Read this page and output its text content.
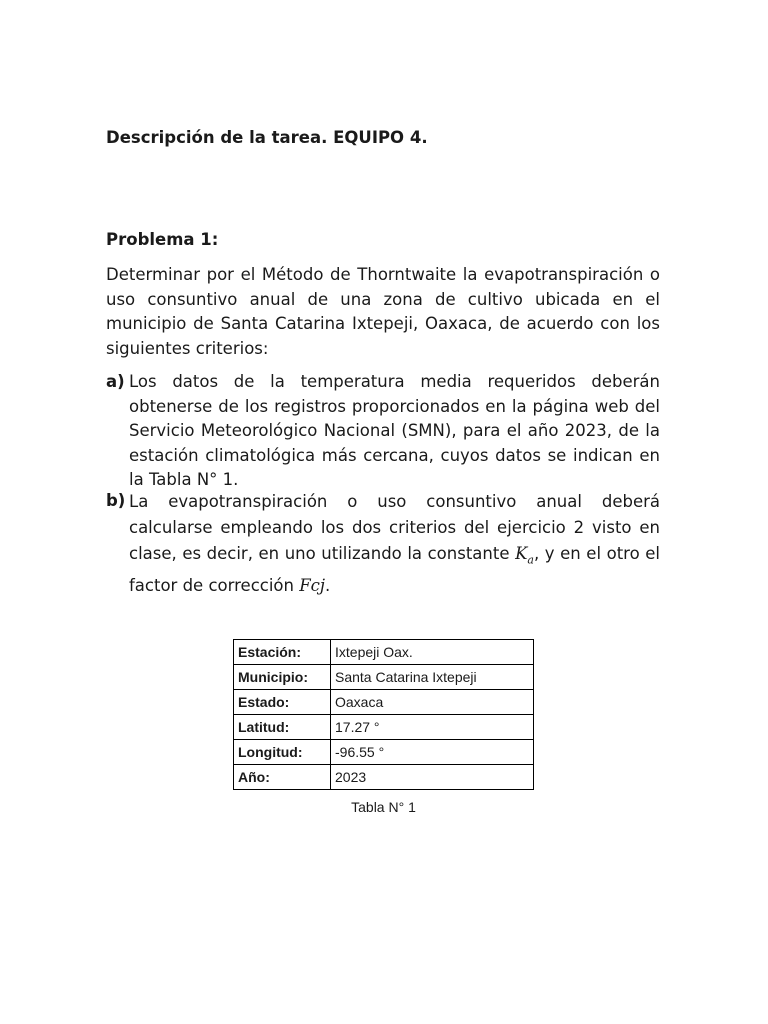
Descripción de la tarea. EQUIPO 4.
Problema 1:
Determinar por el Método de Thorntwaite la evapotranspiración o uso consuntivo anual de una zona de cultivo ubicada en el municipio de Santa Catarina Ixtepeji, Oaxaca, de acuerdo con los siguientes criterios:
a) Los datos de la temperatura media requeridos deberán obtenerse de los registros proporcionados en la página web del Servicio Meteorológico Nacional (SMN), para el año 2023, de la estación climatológica más cercana, cuyos datos se indican en la Tabla N° 1.
b) La evapotranspiración o uso consuntivo anual deberá calcularse empleando los dos criterios del ejercicio 2 visto en clase, es decir, en uno utilizando la constante $K_a$, y en el otro el factor de corrección Fcj.
Estación:	Ixtepeji Oax.
Municipio:	Santa Catarina Ixtepeji
Estado:	Oaxaca
Latitud:	17.27 °
Longitud:	-96.55 °
Año:	2023
Tabla N° 1
